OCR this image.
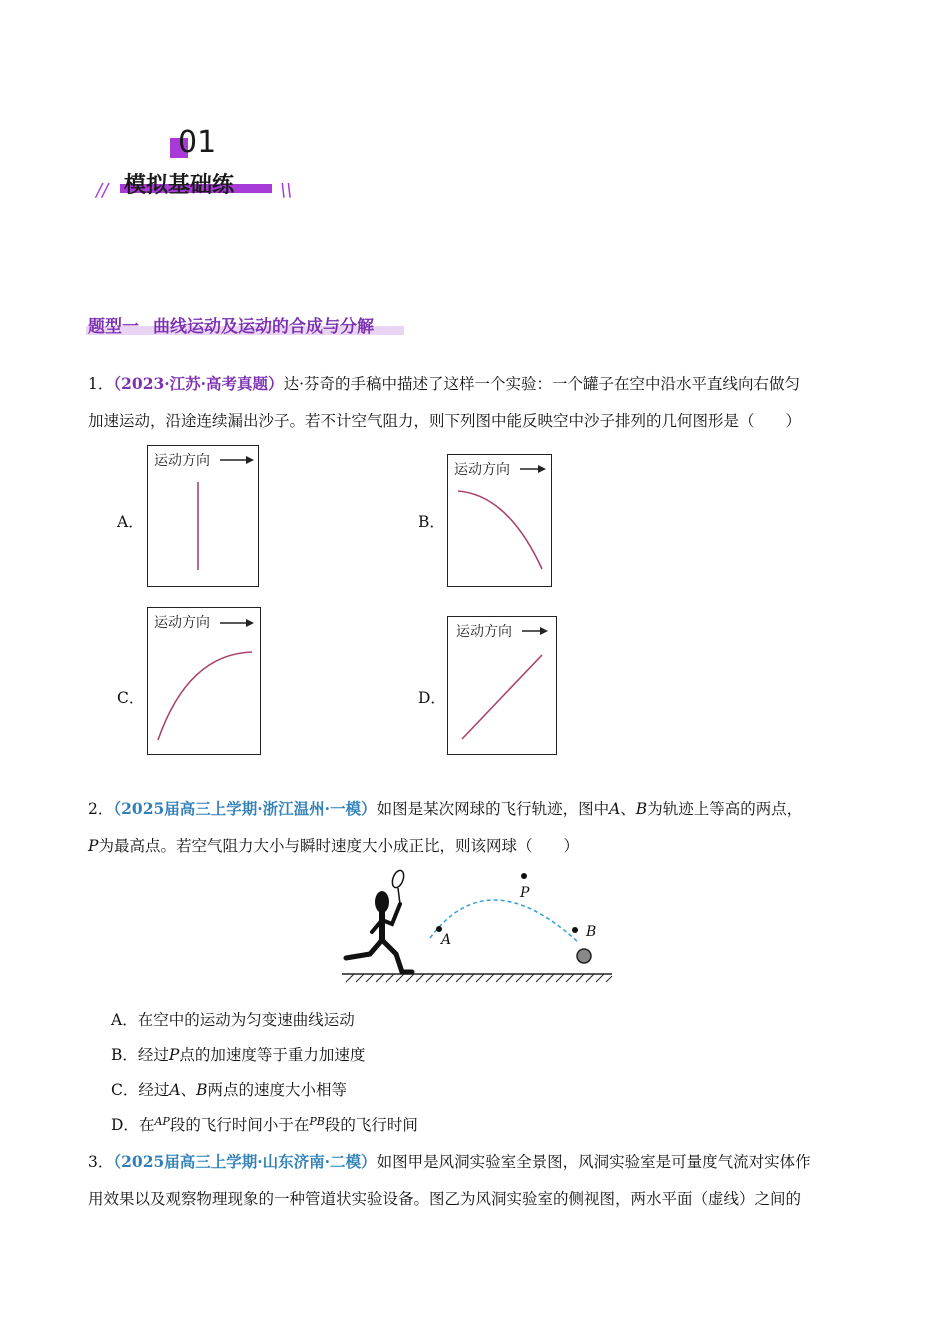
01
模拟基础练
//	\\
题型一 曲线运动及运动的合成与分解
1．（2023·江苏·高考真题）达·芬奇的手稿中描述了这样一个实验：一个罐子在空中沿水平直线向右做匀
加速运动，沿途连续漏出沙子。若不计空气阻力，则下列图中能反映空中沙子排列的几何图形是（　　）
A．	B．
C．	D．
运动方向
运动方向
运动方向
运动方向
2．（2025届高三上学期·浙江温州·一模）如图是某次网球的飞行轨迹，图中A、B为轨迹上等高的两点，
P为最高点。若空气阻力大小与瞬时速度大小成正比，则该网球（　　）
A
P
B
A．在空中的运动为匀变速曲线运动
B．经过P点的加速度等于重力加速度
C．经过A、B两点的速度大小相等
D．在$^{AP}$段的飞行时间小于在$^{PB}$段的飞行时间
3．（2025届高三上学期·山东济南·二模）如图甲是风洞实验室全景图，风洞实验室是可量度气流对实体作
用效果以及观察物理现象的一种管道状实验设备。图乙为风洞实验室的侧视图，两水平面（虚线）之间的
